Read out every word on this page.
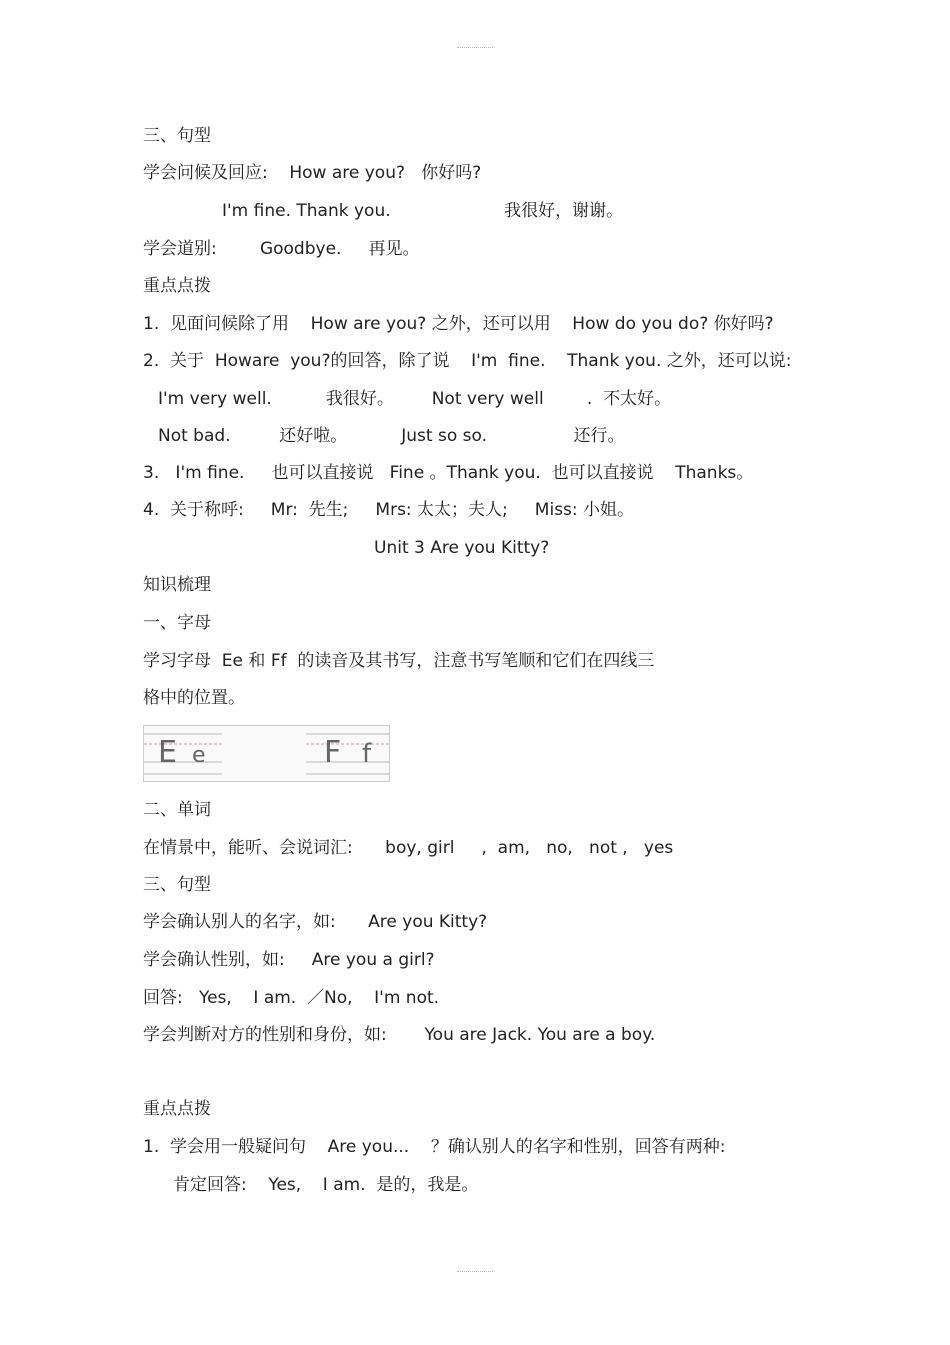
三、句型
学会问候及回应:    How are you?   你好吗?
I'm fine. Thank you.                     我很好，谢谢。
学会道别:        Goodbye.     再见。
重点点拨
1.  见面问候除了用    How are you? 之外，还可以用    How do you do? 你好吗?
2.  关于  Howare  you?的回答，除了说    I'm  fine.    Thank you. 之外，还可以说:
I'm very well.          我很好。       Not very well        .  不太好。
Not bad.         还好啦。          Just so so.                还行。
3.   I'm fine.     也可以直接说   Fine 。Thank you.  也可以直接说    Thanks。
4.  关于称呼:     Mr:  先生;     Mrs: 太太；夫人;     Miss: 小姐。
Unit 3 Are you Kitty?
知识梳理
一、字母
学习字母  Ee 和 Ff  的读音及其书写，注意书写笔顺和它们在四线三
格中的位置。
E e	F f
二、单词
在情景中，能听、会说词汇:      boy, girl     ,  am,   no,   not ,   yes
三、句型
学会确认别人的名字，如:      Are you Kitty?
学会确认性别，如:     Are you a girl?
回答:   Yes,    I am.  ／No,    I'm not.
学会判断对方的性别和身份，如:       You are Jack. You are a boy.
重点点拨
1.  学会用一般疑问句    Are you...    ？确认别人的名字和性别，回答有两种:
肯定回答:    Yes,    I am.  是的，我是。
